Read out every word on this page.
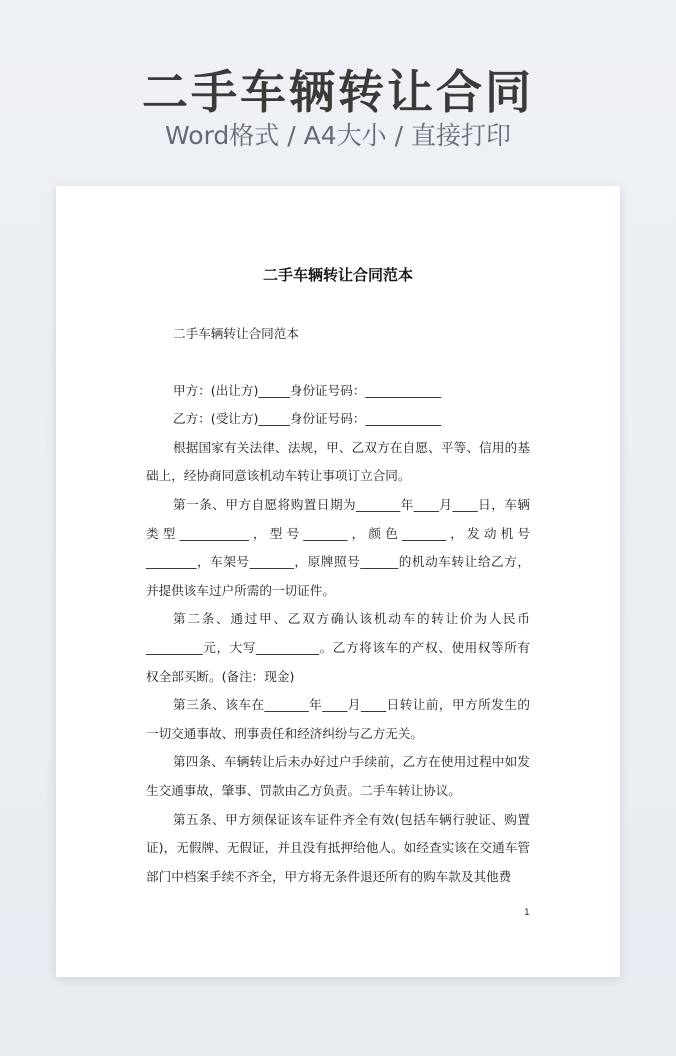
二手车辆转让合同
Word格式 / A4大小 / 直接打印
二手车辆转让合同范本

二手车辆转让合同范本

甲方：(出让方)_____身份证号码：____________

乙方：(受让方)_____身份证号码：____________

根据国家有关法律、法规，甲、乙双方在自愿、平等、信用的基础上，经协商同意该机动车转让事项订立合同。

第一条、甲方自愿将购置日期为_______年____月____日，车辆类型___________，型号_______，颜色_______，发动机号________，车架号_______，原牌照号______的机动车转让给乙方，并提供该车过户所需的一切证件。

第二条、通过甲、乙双方确认该机动车的转让价为人民币_________元，大写__________。乙方将该车的产权、使用权等所有权全部买断。(备注：现金)

第三条、该车在_______年____月____日转让前，甲方所发生的一切交通事故、刑事责任和经济纠纷与乙方无关。

第四条、车辆转让后未办好过户手续前，乙方在使用过程中如发生交通事故，肇事、罚款由乙方负责。二手车转让协议。

第五条、甲方须保证该车证件齐全有效(包括车辆行驶证、购置证)，无假牌、无假证，并且没有抵押给他人。如经查实该在交通车管部门中档案手续不齐全，甲方将无条件退还所有的购车款及其他费

1
